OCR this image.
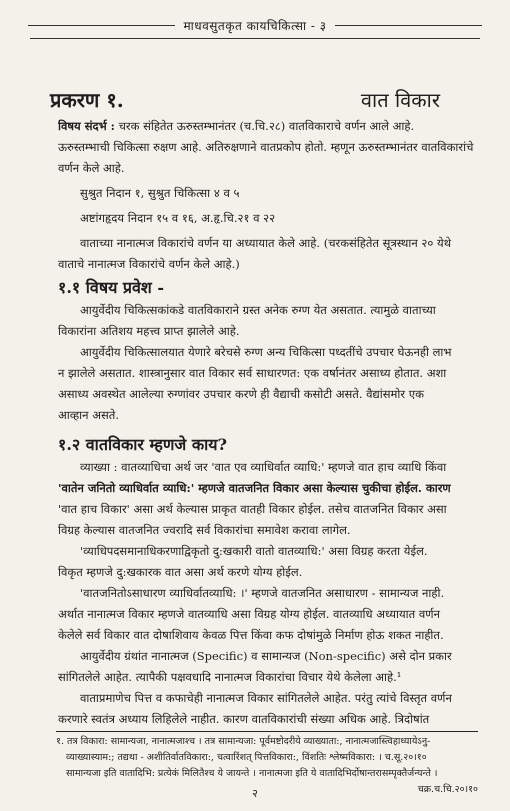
माधवसुतकृत कायचिकित्सा - ३
प्रकरण १.	वात विकार
विषय संदर्भ : चरक संहितेत ऊरुस्तम्भानंतर (च.चि.२८) वातविकाराचे वर्णन आले आहे.
ऊरुस्तम्भाची चिकित्सा रुक्षण आहे. अतिरुक्षणाने वातप्रकोप होतो. म्हणून ऊरुस्तम्भानंतर वातविकारांचे
वर्णन केले आहे.
सुश्रुत निदान १, सुश्रुत चिकित्सा ४ व ५
अष्टांगहृदय निदान १५ व १६, अ.हृ.चि.२१ व २२
वाताच्या नानात्मज विकारांचे वर्णन या अध्यायात केले आहे. (चरकसंहितेत सूत्रस्थान २० येथे
वाताचे नानात्मज विकारांचे वर्णन केले आहे.)
१.१ विषय प्रवेश -
आयुर्वेदीय चिकित्सकांकडे वातविकाराने ग्रस्त अनेक रुग्ण येत असतात. त्यामुळे वाताच्या
विकारांना अतिशय महत्त्व प्राप्त झालेले आहे.
आयुर्वेदीय चिकित्सालयात येणारे बरेचसे रुग्ण अन्य चिकित्सा पध्दतींचे उपचार घेऊनही लाभ
न झालेले असतात. शास्त्रानुसार वात विकार सर्व साधारणत: एक वर्षानंतर असाध्य होतात. अशा
असाध्य अवस्थेत आलेल्या रुग्णांवर उपचार करणे ही वैद्याची कसोटी असते. वैद्यांसमोर एक
आव्हान असते.
१.२ वातविकार म्हणजे काय?
व्याख्या : वातव्याधिचा अर्थ जर 'वात एव व्याधिर्वात व्याधि:' म्हणजे वात हाच व्याधि किंवा
'वातेन जनितो व्याधिर्वात व्याधि:' म्हणजे वातजनित विकार असा केल्यास चुकीचा होईल. कारण
'वात हाच विकार' असा अर्थ केल्यास प्राकृत वातही विकार होईल. तसेच वातजनित विकार असा
विग्रह केल्यास वातजनित ज्वरादि सर्व विकारांचा समावेश करावा लागेल.
'व्याधिपदसमानाधिकरणाद्विकृतो दु:खकारी वातो वातव्याधि:' असा विग्रह करता येईल.
विकृत म्हणजे दु:खकारक वात असा अर्थ करणे योग्य होईल.
'वातजनितोऽसाधारण व्याधिर्वातव्याधि: ।' म्हणजे वातजनित असाधारण - सामान्यज नाही.
अर्थात नानात्मज विकार म्हणजे वातव्याधि असा विग्रह योग्य होईल. वातव्याधि अध्यायात वर्णन
केलेले सर्व विकार वात दोषाशिवाय केवळ पित्त किंवा कफ दोषांमुळे निर्माण होऊ शकत नाहीत.
आयुर्वेदीय ग्रंथांत नानात्मज (Specific) व सामान्यज (Non-specific) असे दोन प्रकार
सांगितलेले आहेत. त्यापैकी पक्षवधादि नानात्मज विकारांचा विचार येथे केलेला आहे.¹
वाताप्रमाणेच पित्त व कफाचेही नानात्मज विकार सांगितलेले आहेत. परंतु त्यांचे विस्तृत वर्णन
करणारे स्वतंत्र अध्याय लिहिलेले नाहीत. कारण वातविकारांची संख्या अधिक आहे. त्रिदोषांत
१. तत्र विकारा: सामान्यजा, नानात्मजाश्च । तत्र सामान्यजा: पूर्वमष्टोदरीये व्याख्याता:, नानात्मजास्त्विहाध्यायेऽनु-
व्याख्यास्याम:; तद्यथा - अशीतिर्वातविकारा:, चत्वारिंशत् पित्तविकारा:, विंशतिः श्लेष्मविकारा: । च.सू.२०।१०
सामान्यजा इति वातादिभि: प्रत्येकं मिलितैश्च ये जायन्ते । नानात्मजा इति ये वातादिभिर्दोषान्तरासम्पृक्तैर्जन्यन्ते ।
चक्र.च.चि.२०।१०
२
